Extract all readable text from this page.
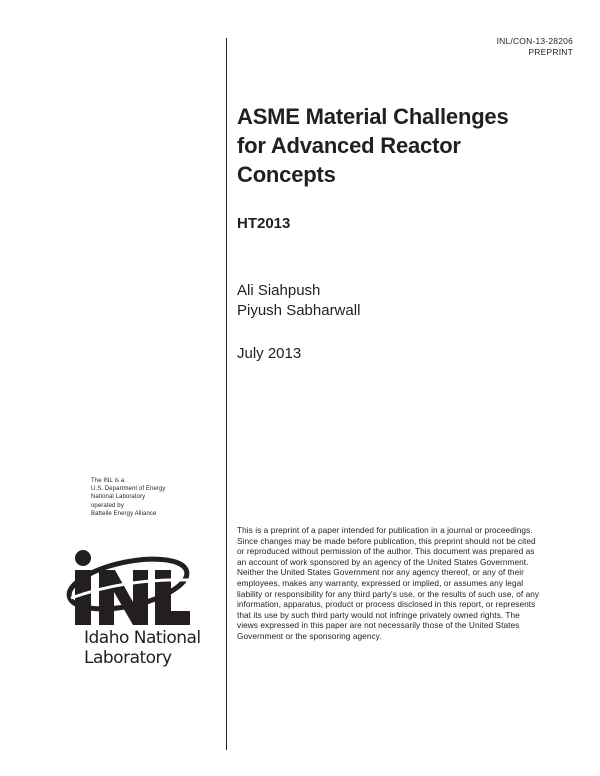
INL/CON-13-28206
PREPRINT
ASME Material Challenges
for Advanced Reactor
Concepts
HT2013
Ali Siahpush
Piyush Sabharwall
July 2013
The INL is a
U.S. Department of Energy
National Laboratory
operated by
Battelle Energy Alliance
Idaho National
Laboratory

This is a preprint of a paper intended for publication in a journal or proceedings. Since changes may be made before publication, this preprint should not be cited or reproduced without permission of the author. This document was prepared as an account of work sponsored by an agency of the United States Government. Neither the United States Government nor any agency thereof, or any of their employees, makes any warranty, expressed or implied, or assumes any legal liability or responsibility for any third party's use, or the results of such use, of any information, apparatus, product or process disclosed in this report, or represents that its use by such third party would not infringe privately owned rights. The views expressed in this paper are not necessarily those of the United States Government or the sponsoring agency.
